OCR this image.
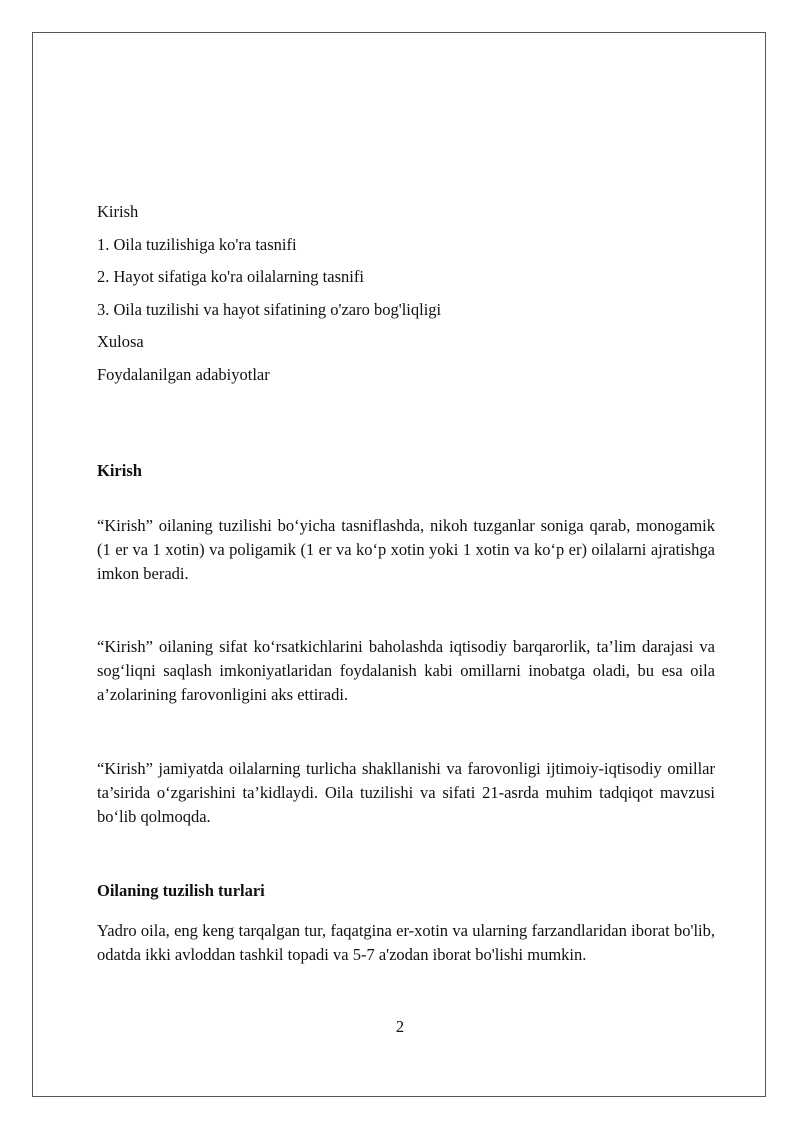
Kirish
1. Oila tuzilishiga ko'ra tasnifi
2. Hayot sifatiga ko'ra oilalarning tasnifi
3. Oila tuzilishi va hayot sifatining o'zaro bog'liqligi
Xulosa
Foydalanilgan adabiyotlar
Kirish

“Kirish” oilaning tuzilishi bo‘yicha tasniflashda, nikoh tuzganlar soniga qarab, monogamik (1 er va 1 xotin) va poligamik (1 er va ko‘p xotin yoki 1 xotin va ko‘p er) oilalarni ajratishga imkon beradi.

“Kirish” oilaning sifat ko‘rsatkichlarini baholashda iqtisodiy barqarorlik, ta’lim darajasi va sog‘liqni saqlash imkoniyatlaridan foydalanish kabi omillarni inobatga oladi, bu esa oila a’zolarining farovonligini aks ettiradi.

“Kirish” jamiyatda oilalarning turlicha shakllanishi va farovonligi ijtimoiy-iqtisodiy omillar ta’sirida o‘zgarishini ta’kidlaydi. Oila tuzilishi va sifati 21-asrda muhim tadqiqot mavzusi bo‘lib qolmoqda.

Oilaning tuzilish turlari

Yadro oila, eng keng tarqalgan tur, faqatgina er-xotin va ularning farzandlaridan iborat bo'lib, odatda ikki avloddan tashkil topadi va 5-7 a'zodan iborat bo'lishi mumkin.

2
